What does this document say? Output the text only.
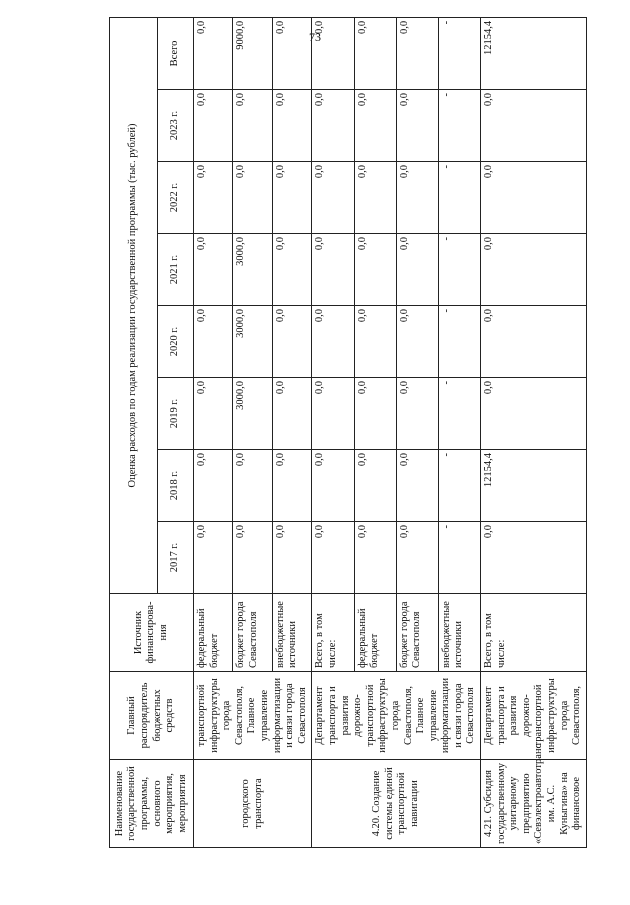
73
Наименование государственной программы, основного мероприятия, мероприятия	Главный распорядитель бюджетных средств	Источник финансирова-ния	Оценка расходов по годам реализации государственной программы (тыс. рублей)							
			2017 г.	2018 г.	2019 г.	2020 г.	2021 г.	2022 г.	2023 г.	Всего
городского транспорта	транспортной инфраструктуры города Севастополя, Главное управление информатизации и связи города Севастополя	федеральный бюджет	0,0	0,0	0,0	0,0	0,0	0,0	0,0	0,0
		бюджет города Севастополя	0,0	0,0	3000,0	3000,0	3000,0	0,0	0,0	9000,0
		внебюджетные источники	0,0	0,0	0,0	0,0	0,0	0,0	0,0	0,0
4.20. Создание системы единой транспортной навигации	Департамент транспорта и развития дорожно-транспортной инфраструктуры города Севастополя, Главное управление информатизации и связи города Севастополя	Всего, в том числе:	0,0	0,0	0,0	0,0	0,0	0,0	0,0	0,0
		федеральный бюджет	0,0	0,0	0,0	0,0	0,0	0,0	0,0	0,0
		бюджет города Севастополя	0,0	0,0	0,0	0,0	0,0	0,0	0,0	0,0
		внебюджетные источники	-	-	-	-	-	-	-	-
4.21. Субсидия государственному унитарному предприятию «Севэлектроавтотранс им. А.С. Куныгина» на финансовое	Департамент транспорта и развития дорожно-транспортной инфраструктуры города Севастополя,	Всего, в том числе:	0,0	12154,4	0,0	0,0	0,0	0,0	0,0	12154,4
